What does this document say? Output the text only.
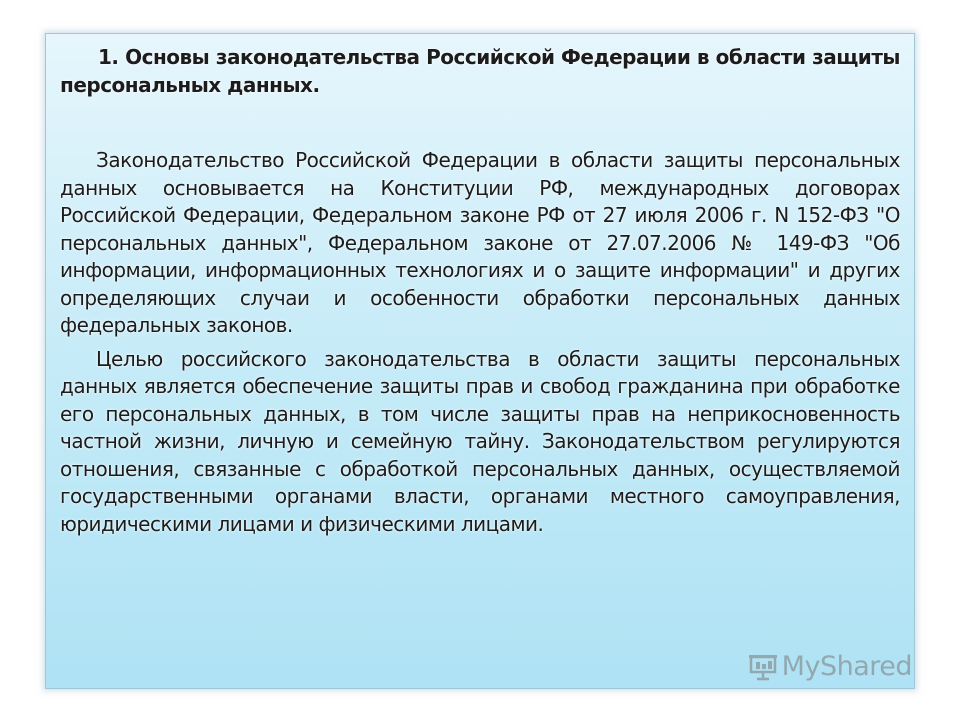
1. Основы законодательства Российской Федерации в области защиты персональных данных.

Законодательство Российской Федерации в области защиты персональных данных основывается на Конституции РФ, международных договорах Российской Федерации, Федеральном законе РФ от 27 июля 2006 г. N 152-ФЗ "О персональных данных", Федеральном законе от 27.07.2006 № 149-ФЗ "Об информации, информационных технологиях и о защите информации" и других определяющих случаи и особенности обработки персональных данных федеральных законов.

Целью российского законодательства в области защиты персональных данных является обеспечение защиты прав и свобод гражданина при обработке его персональных данных, в том числе защиты прав на неприкосновенность частной жизни, личную и семейную тайну. Законодательством регулируются отношения, связанные с обработкой персональных данных, осуществляемой государственными органами власти, органами местного самоуправления, юридическими лицами и физическими лицами.

MyShared
